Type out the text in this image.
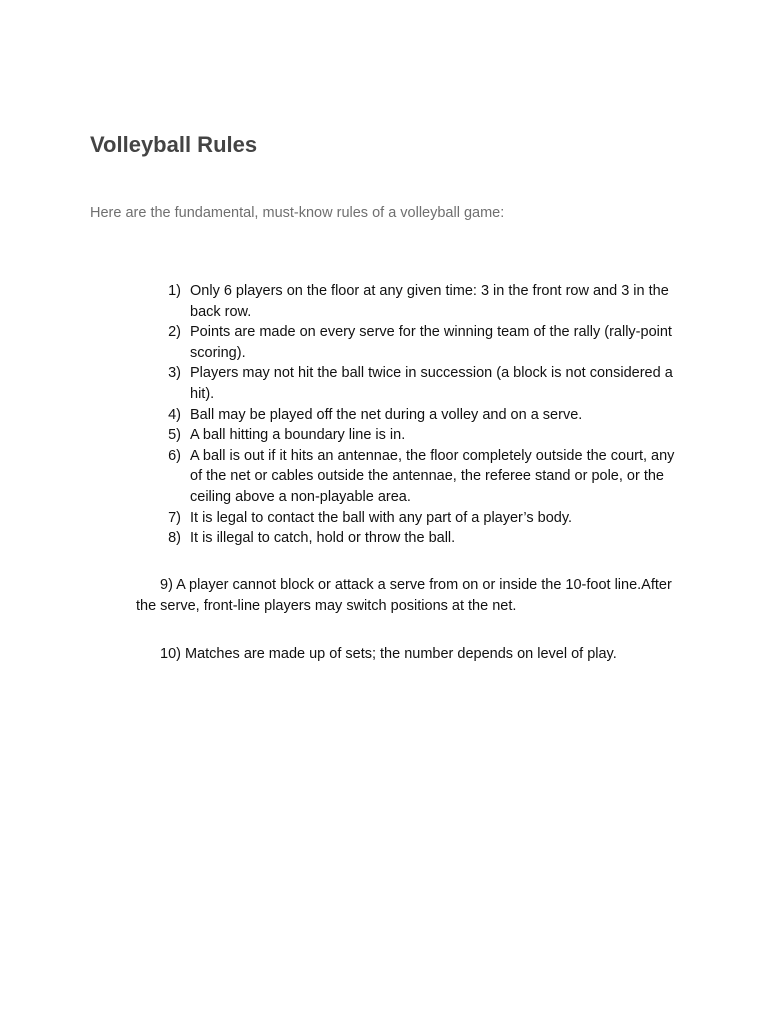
Volleyball Rules

Here are the fundamental, must-know rules of a volleyball game:

1) Only 6 players on the floor at any given time: 3 in the front row and 3 in the back row.
2) Points are made on every serve for the winning team of the rally (rally-point scoring).
3) Players may not hit the ball twice in succession (a block is not considered a hit).
4) Ball may be played off the net during a volley and on a serve.
5) A ball hitting a boundary line is in.
6) A ball is out if it hits an antennae, the floor completely outside the court, any of the net or cables outside the antennae, the referee stand or pole, or the ceiling above a non-playable area.
7) It is legal to contact the ball with any part of a player’s body.
8) It is illegal to catch, hold or throw the ball.

9) A player cannot block or attack a serve from on or inside the 10-foot line.After the serve, front-line players may switch positions at the net.

10) Matches are made up of sets; the number depends on level of play.
